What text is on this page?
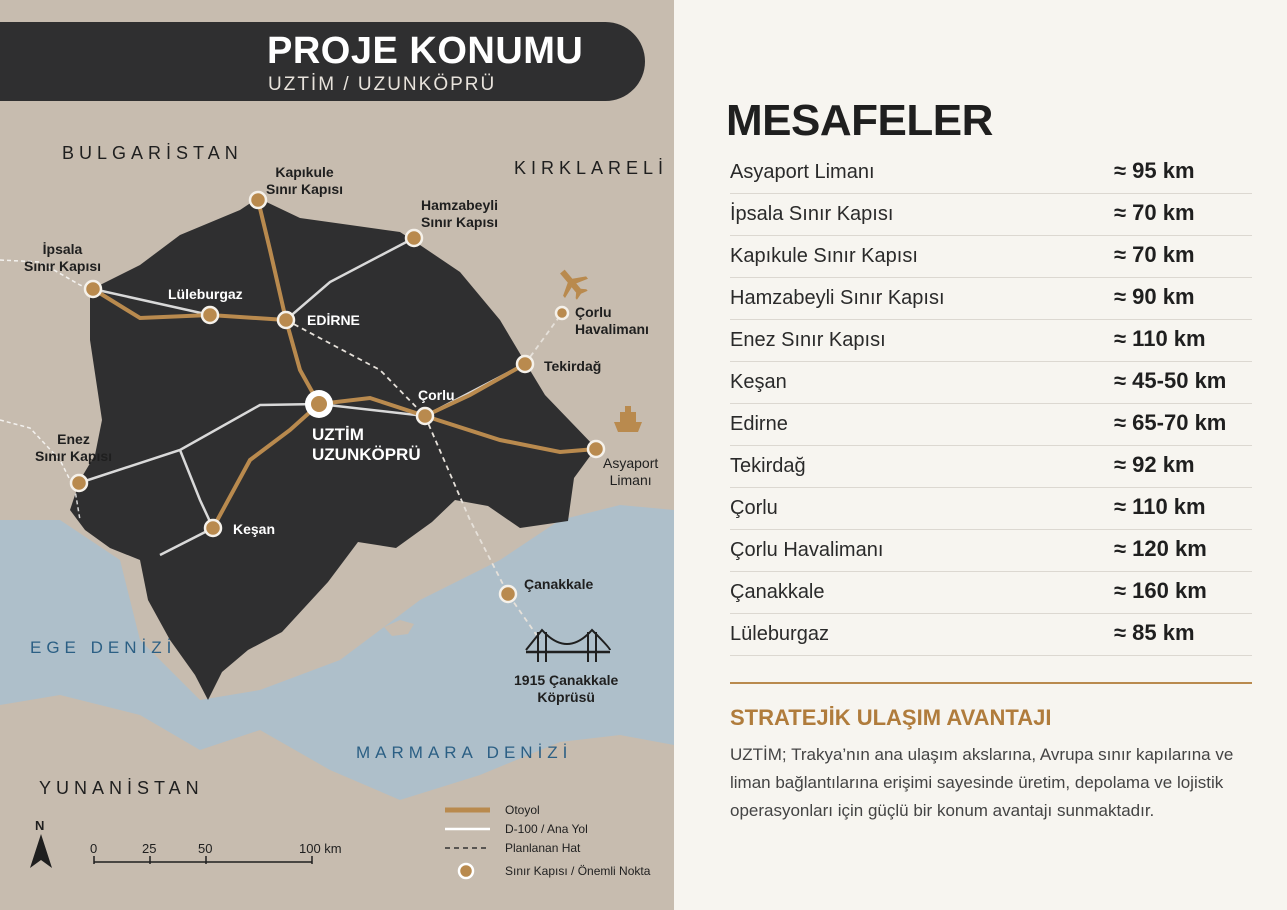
PROJE KONUMU
UZTİM / UZUNKÖPRÜ
BULGARİSTAN
KIRKLARELİ
YUNANİSTAN
EGE DENİZİ
MARMARA DENİZİ
Kapıkule
Sınır Kapısı
Hamzabeyli
Sınır Kapısı
İpsala
Sınır Kapısı
Lüleburgaz
EDİRNE	Çorlu
Havalimanı
Tekirdağ
Çorlu
UZTİM
UZUNKÖPRÜ	Asyaport
Limanı
Enez
Sınır Kapısı
Keşan
Çanakkale
1915 Çanakkale
Köprüsü
N
0	25	50	100 km
Otoyol
D-100 / Ana Yol
Planlanan Hat
Sınır Kapısı / Önemli Nokta
MESAFELER
Asyaport Limanı	≈ 95 km
İpsala Sınır Kapısı	≈ 70 km
Kapıkule Sınır Kapısı	≈ 70 km
Hamzabeyli Sınır Kapısı	≈ 90 km
Enez Sınır Kapısı	≈ 110 km
Keşan	≈ 45-50 km
Edirne	≈ 65-70 km
Tekirdağ	≈ 92 km
Çorlu	≈ 110 km
Çorlu Havalimanı	≈ 120 km
Çanakkale	≈ 160 km
Lüleburgaz	≈ 85 km
STRATEJİK ULAŞIM AVANTAJI
UZTİM; Trakya’nın ana ulaşım akslarına, Avrupa sınır kapılarına ve liman bağlantılarına erişimi sayesinde üretim, depolama ve lojistik operasyonları için güçlü bir konum avantajı sunmaktadır.
